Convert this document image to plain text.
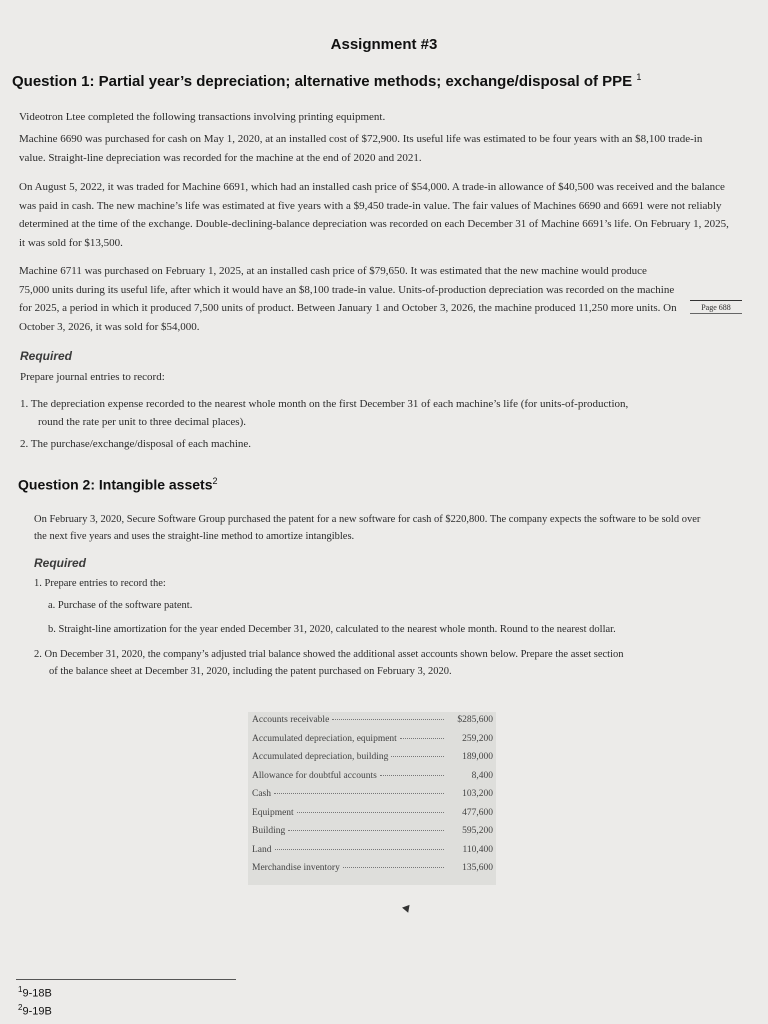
Assignment #3
Question 1: Partial year’s depreciation; alternative methods; exchange/disposal of PPE $^1$
Videotron Ltee completed the following transactions involving printing equipment.
Machine 6690 was purchased for cash on May 1, 2020, at an installed cost of $72,900. Its useful life was estimated to be four years with an $8,100 trade-in value. Straight-line depreciation was recorded for the machine at the end of 2020 and 2021.
On August 5, 2022, it was traded for Machine 6691, which had an installed cash price of $54,000. A trade-in allowance of $40,500 was received and the balance was paid in cash. The new machine’s life was estimated at five years with a $9,450 trade-in value. The fair values of Machines 6690 and 6691 were not reliably determined at the time of the exchange. Double-declining-balance depreciation was recorded on each December 31 of Machine 6691’s life. On February 1, 2025, it was sold for $13,500.
Machine 6711 was purchased on February 1, 2025, at an installed cash price of $79,650. It was estimated that the new machine would produce 75,000 units during its useful life, after which it would have an $8,100 trade-in value. Units-of-production depreciation was recorded on the machine for 2025, a period in which it produced 7,500 units of product. Between January 1 and October 3, 2026, the machine produced 11,250 more units. On October 3, 2026, it was sold for $54,000.
Page 688
Required
Prepare journal entries to record:
1. The depreciation expense recorded to the nearest whole month on the first December 31 of each machine’s life (for units-of-production,
round the rate per unit to three decimal places).
2. The purchase/exchange/disposal of each machine.
Question 2: Intangible assets$^2$
On February 3, 2020, Secure Software Group purchased the patent for a new software for cash of $220,800. The company expects the software to be sold over the next five years and uses the straight-line method to amortize intangibles.
Required
1. Prepare entries to record the:
a. Purchase of the software patent.
b. Straight-line amortization for the year ended December 31, 2020, calculated to the nearest whole month. Round to the nearest dollar.
2. On December 31, 2020, the company’s adjusted trial balance showed the additional asset accounts shown below. Prepare the asset section
of the balance sheet at December 31, 2020, including the patent purchased on February 3, 2020.
Accounts receivable	$285,600
Accumulated depreciation, equipment	259,200
Accumulated depreciation, building	189,000
Allowance for doubtful accounts	8,400
Cash	103,200
Equipment	477,600
Building	595,200
Land	110,400
Merchandise inventory	135,600
$^1$9-18B
$^2$9-19B
